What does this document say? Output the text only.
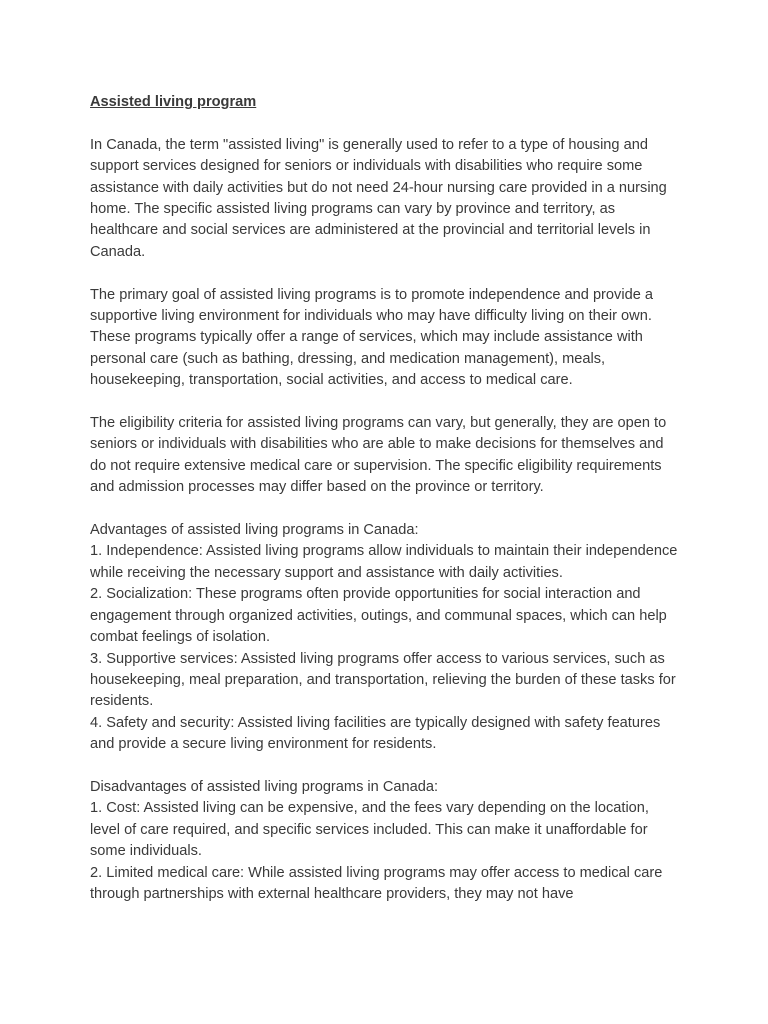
Assisted living program

In Canada, the term "assisted living" is generally used to refer to a type of housing and support services designed for seniors or individuals with disabilities who require some assistance with daily activities but do not need 24-hour nursing care provided in a nursing home. The specific assisted living programs can vary by province and territory, as healthcare and social services are administered at the provincial and territorial levels in Canada.

The primary goal of assisted living programs is to promote independence and provide a supportive living environment for individuals who may have difficulty living on their own. These programs typically offer a range of services, which may include assistance with personal care (such as bathing, dressing, and medication management), meals, housekeeping, transportation, social activities, and access to medical care.

The eligibility criteria for assisted living programs can vary, but generally, they are open to seniors or individuals with disabilities who are able to make decisions for themselves and do not require extensive medical care or supervision. The specific eligibility requirements and admission processes may differ based on the province or territory.

Advantages of assisted living programs in Canada:
1. Independence: Assisted living programs allow individuals to maintain their independence while receiving the necessary support and assistance with daily activities.
2. Socialization: These programs often provide opportunities for social interaction and engagement through organized activities, outings, and communal spaces, which can help combat feelings of isolation.
3. Supportive services: Assisted living programs offer access to various services, such as housekeeping, meal preparation, and transportation, relieving the burden of these tasks for residents.
4. Safety and security: Assisted living facilities are typically designed with safety features and provide a secure living environment for residents.
Disadvantages of assisted living programs in Canada:
1. Cost: Assisted living can be expensive, and the fees vary depending on the location, level of care required, and specific services included. This can make it unaffordable for some individuals.
2. Limited medical care: While assisted living programs may offer access to medical care through partnerships with external healthcare providers, they may not have
